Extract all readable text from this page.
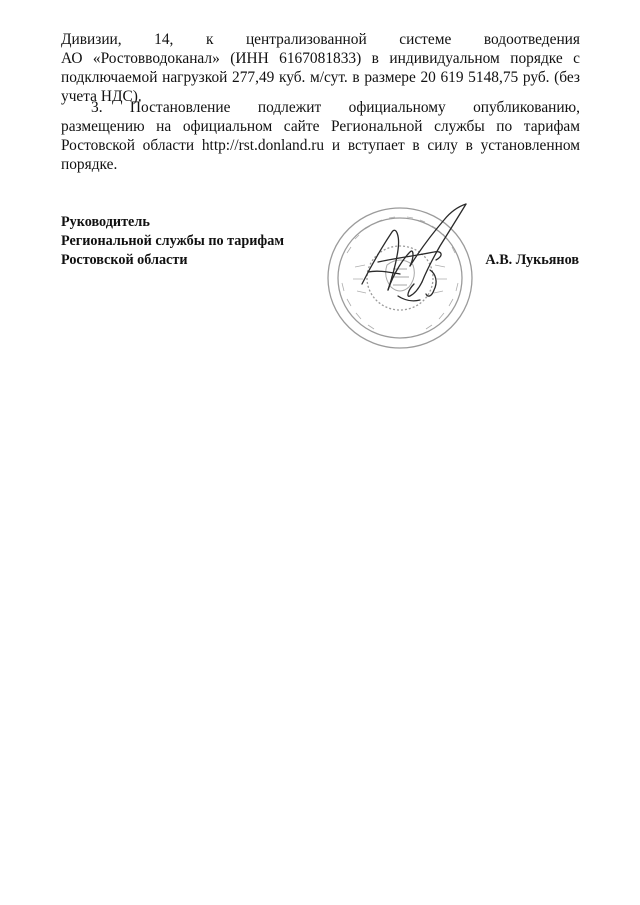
Дивизии, 14, к централизованной системе водоотведения
АО «Ростовводоканал» (ИНН 6167081833) в индивидуальном порядке с
подключаемой нагрузкой 277,49 куб. м/сут. в размере 20 619 5148,75 руб. (без
учета НДС).
3. Постановление подлежит официальному опубликованию,
размещению на официальном сайте Региональной службы по тарифам
Ростовской области http://rst.donland.ru и вступает в силу в установленном
порядке.
Руководитель
Региональной службы по тарифам
Ростовской области	А.В. Лукьянов
